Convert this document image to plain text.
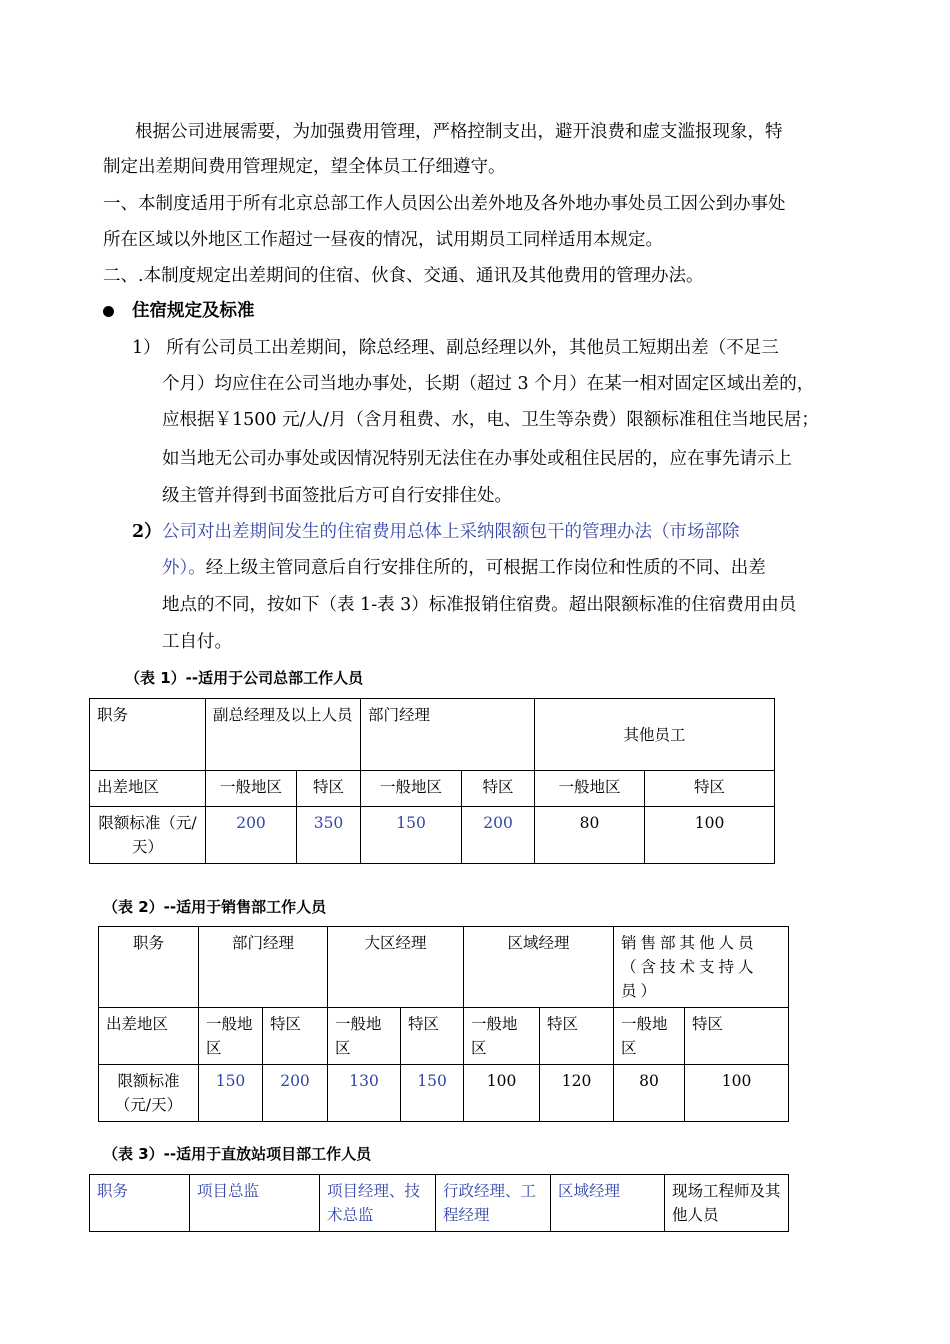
根据公司进展需要，为加强费用管理，严格控制支出，避开浪费和虚支滥报现象，特
制定出差期间费用管理规定，望全体员工仔细遵守。
一、本制度适用于所有北京总部工作人员因公出差外地及各外地办事处员工因公到办事处
所在区域以外地区工作超过一昼夜的情况，试用期员工同样适用本规定。
二、.本制度规定出差期间的住宿、伙食、交通、通讯及其他费用的管理办法。
住宿规定及标准
1） 所有公司员工出差期间，除总经理、副总经理以外，其他员工短期出差（不足三
个月）均应住在公司当地办事处，长期（超过 3 个月）在某一相对固定区域出差的，
应根据￥1500 元/人/月（含月租费、水，电、卫生等杂费）限额标准租住当地民居；
如当地无公司办事处或因情况特别无法住在办事处或租住民居的，应在事先请示上
级主管并得到书面签批后方可自行安排住处。
2） 公司对出差期间发生的住宿费用总体上采纳限额包干的管理办法（市场部除
外）。经上级主管同意后自行安排住所的，可根据工作岗位和性质的不同、出差
地点的不同，按如下（表 1-表 3）标准报销住宿费。超出限额标准的住宿费用由员
工自付。
（表 1）--适用于公司总部工作人员
职务	副总经理及以上人员		部门经理		其他员工	
出差地区	一般地区	特区	一般地区	特区	一般地区	特区
限额标准（元/天）	200	350	150	200	80	100
（表 2）--适用于销售部工作人员
职务	部门经理		大区经理		区域经理		销售部其他人员（含技术支持人员）	
出差地区	一般地区	特区	一般地区	特区	一般地区	特区	一般地区	特区
限额标准（元/天）	150	200	130	150	100	120	80	100
（表 3）--适用于直放站项目部工作人员
职务	项目总监	项目经理、技术总监	行政经理、工程经理	区域经理	现场工程师及其他人员
